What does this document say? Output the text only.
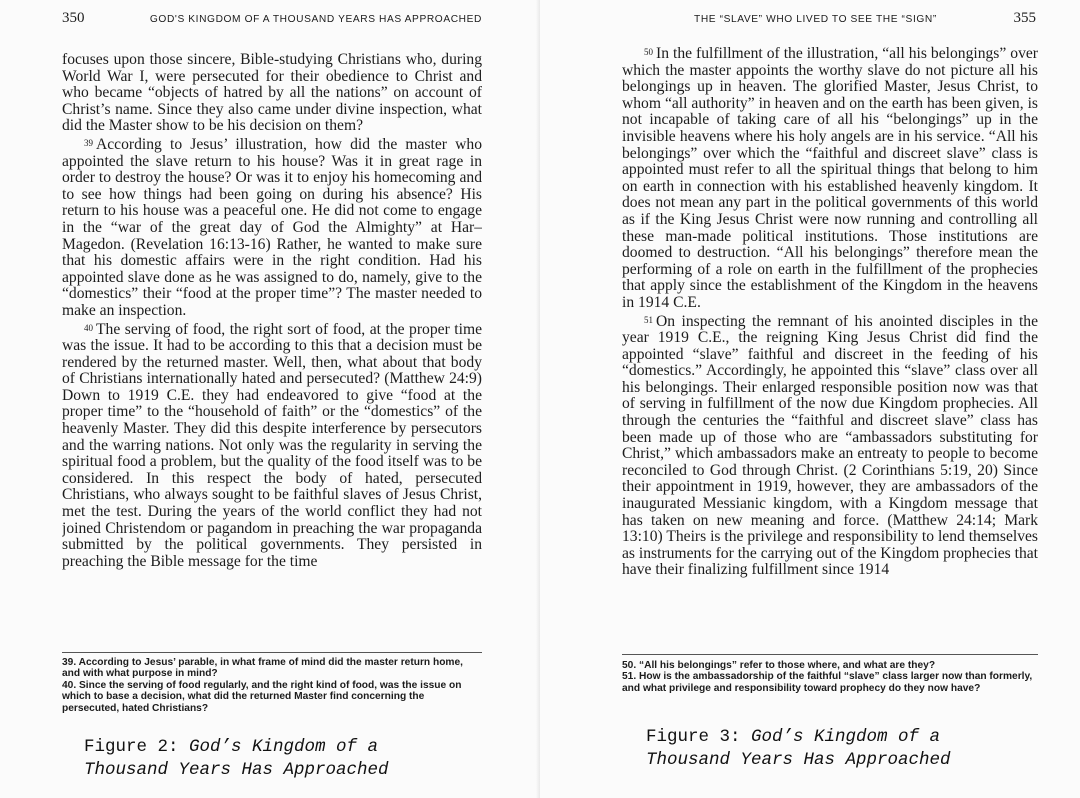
350	GOD'S KINGDOM OF A THOUSAND YEARS HAS APPROACHED

focuses upon those sincere, Bible-studying Christians who, during World War I, were persecuted for their obedience to Christ and who became “objects of hatred by all the nations” on account of Christ’s name. Since they also came under divine inspection, what did the Master show to be his decision on them?

39 According to Jesus’ illustration, how did the master who appointed the slave return to his house? Was it in great rage in order to destroy the house? Or was it to enjoy his homecoming and to see how things had been going on during his absence? His return to his house was a peaceful one. He did not come to engage in the “war of the great day of God the Almighty” at Har–Magedon. (Revelation 16:13-16) Rather, he wanted to make sure that his domestic affairs were in the right condition. Had his appointed slave done as he was assigned to do, namely, give to the “domestics” their “food at the proper time”? The master needed to make an inspection.

40 The serving of food, the right sort of food, at the proper time was the issue. It had to be according to this that a decision must be rendered by the returned master. Well, then, what about that body of Christians internationally hated and persecuted? (Matthew 24:9) Down to 1919 C.E. they had endeavored to give “food at the proper time” to the “household of faith” or the “domestics” of the heavenly Master. They did this despite interference by persecutors and the warring nations. Not only was the regularity in serving the spiritual food a problem, but the quality of the food itself was to be considered. In this respect the body of hated, persecuted Christians, who always sought to be faithful slaves of Jesus Christ, met the test. During the years of the world conflict they had not joined Christendom or pagandom in preaching the war propaganda submitted by the political governments. They persisted in preaching the Bible message for the time

39. According to Jesus’ parable, in what frame of mind did the master return home, and with what purpose in mind?

40. Since the serving of food regularly, and the right kind of food, was the issue on which to base a decision, what did the returned Master find concerning the persecuted, hated Christians?

Figure 2: God’s Kingdom of a
Thousand Years Has Approached
THE “SLAVE” WHO LIVED TO SEE THE “SIGN”	355

50 In the fulfillment of the illustration, “all his belongings” over which the master appoints the worthy slave do not picture all his belongings up in heaven. The glorified Master, Jesus Christ, to whom “all authority” in heaven and on the earth has been given, is not incapable of taking care of all his “belongings” up in the invisible heavens where his holy angels are in his service. “All his belongings” over which the “faithful and discreet slave” class is appointed must refer to all the spiritual things that belong to him on earth in connection with his established heavenly kingdom. It does not mean any part in the political governments of this world as if the King Jesus Christ were now running and controlling all these man-made political institutions. Those institutions are doomed to destruction. “All his belongings” therefore mean the performing of a role on earth in the fulfillment of the prophecies that apply since the establishment of the Kingdom in the heavens in 1914 C.E.

51 On inspecting the remnant of his anointed disciples in the year 1919 C.E., the reigning King Jesus Christ did find the appointed “slave” faithful and discreet in the feeding of his “domestics.” Accordingly, he appointed this “slave” class over all his belongings. Their enlarged responsible position now was that of serving in fulfillment of the now due Kingdom prophecies. All through the centuries the “faithful and discreet slave” class has been made up of those who are “ambassadors substituting for Christ,” which ambassadors make an entreaty to people to become reconciled to God through Christ. (2 Corinthians 5:19, 20) Since their appointment in 1919, however, they are ambassadors of the inaugurated Messianic kingdom, with a Kingdom message that has taken on new meaning and force. (Matthew 24:14; Mark 13:10) Theirs is the privilege and responsibility to lend themselves as instruments for the carrying out of the Kingdom prophecies that have their finalizing fulfillment since 1914

50. “All his belongings” refer to those where, and what are they?

51. How is the ambassadorship of the faithful “slave” class larger now than formerly, and what privilege and responsibility toward prophecy do they now have?

Figure 3: God’s Kingdom of a
Thousand Years Has Approached
